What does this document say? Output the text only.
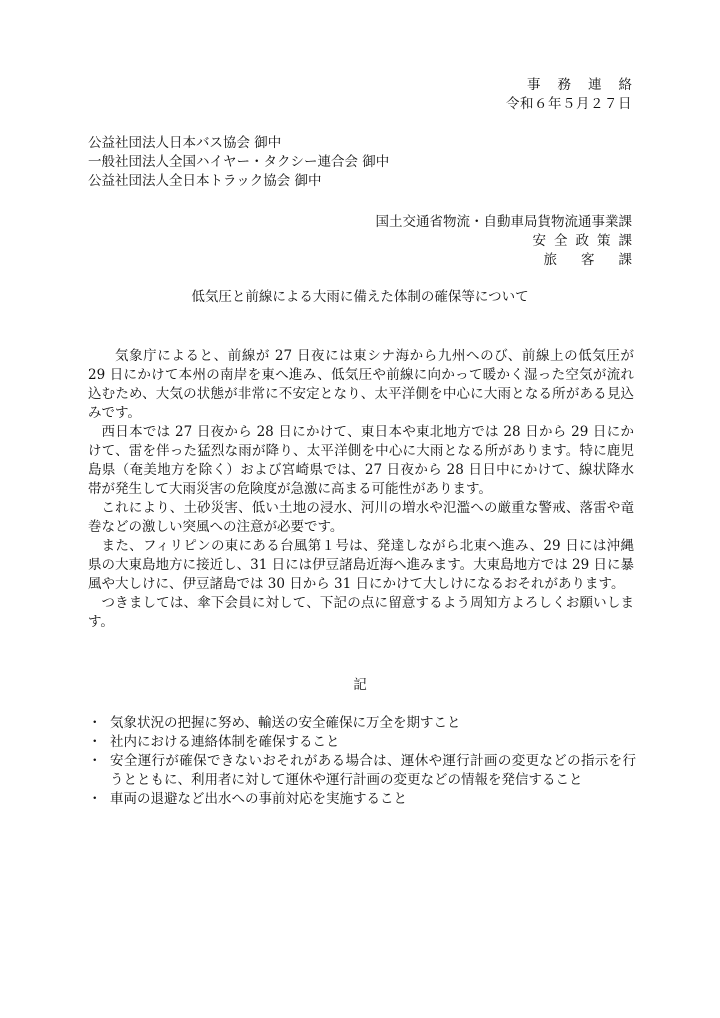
事務連絡
令和６年５月２７日
公益社団法人日本バス協会 御中
一般社団法人全国ハイヤー・タクシー連合会 御中
公益社団法人全日本トラック協会 御中
国土交通省物流・自動車局貨物流通事業課
安全政策課
旅客課
低気圧と前線による大雨に備えた体制の確保等について

気象庁によると、前線が 27 日夜には東シナ海から九州へのび、前線上の低気圧が 29 日にかけて本州の南岸を東へ進み、低気圧や前線に向かって暖かく湿った空気が流れ込むため、大気の状態が非常に不安定となり、太平洋側を中心に大雨となる所がある見込みです。

西日本では 27 日夜から 28 日にかけて、東日本や東北地方では 28 日から 29 日にかけて、雷を伴った猛烈な雨が降り、太平洋側を中心に大雨となる所があります。特に鹿児島県（奄美地方を除く）および宮崎県では、27 日夜から 28 日日中にかけて、線状降水帯が発生して大雨災害の危険度が急激に高まる可能性があります。

これにより、土砂災害、低い土地の浸水、河川の増水や氾濫への厳重な警戒、落雷や竜巻などの激しい突風への注意が必要です。

また、フィリピンの東にある台風第１号は、発達しながら北東へ進み、29 日には沖縄県の大東島地方に接近し、31 日には伊豆諸島近海へ進みます。大東島地方では 29 日に暴風や大しけに、伊豆諸島では 30 日から 31 日にかけて大しけになるおそれがあります。

つきましては、傘下会員に対して、下記の点に留意するよう周知方よろしくお願いします。

記
・ 気象状況の把握に努め、輸送の安全確保に万全を期すこと
・ 社内における連絡体制を確保すること
・ 安全運行が確保できないおそれがある場合は、運休や運行計画の変更などの指示を行うとともに、利用者に対して運休や運行計画の変更などの情報を発信すること
・ 車両の退避など出水への事前対応を実施すること
